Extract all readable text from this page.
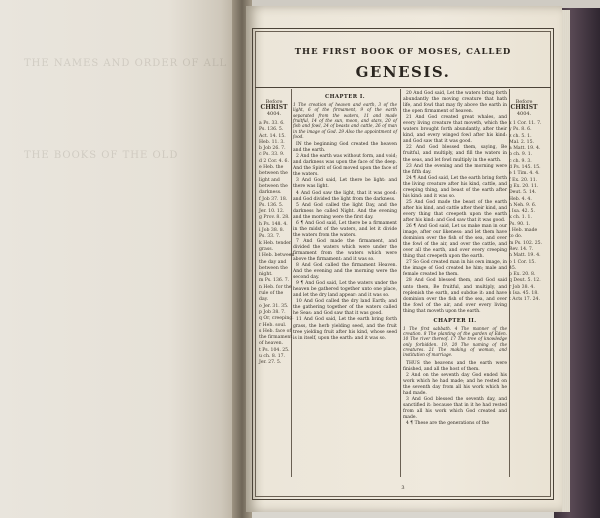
THE NAMES AND ORDER OF ALL
THE BOOKS OF THE OLD
THE FIRST BOOK OF MOSES, CALLED
GENESIS.
Before
CHRIST
4004.
a Ps. 33. 6.
Ps. 136. 5.
Act. 14. 15.
Heb. 11. 3.
b Job 26. 7.
c Ps. 33. 9.
d 2 Cor. 4. 6.
e Heb. the
between the
light and
between the
darkness.
f Job 37. 18.
Ps. 136. 5.
Jer. 10. 12.
g Prov. 8. 28.
h Ps. 148. 4.
i Job 38. 8.
Ps. 33. 7.
k Heb. tender
grass.
l Heb. between
the day and
between the
night.
m Ps. 136. 7.
n Heb. for the
rule of the
day.
o Jer. 31. 35.
p Job 38. 7.
q Or, creeping.
r Heb. soul.
s Heb. face of
the firmament
of heaven.
t Ps. 104. 25.
u ch. 8. 17.
Jer. 27. 5.
CHAPTER I.
1 The creation of heaven and earth, 3 of the light, 6 of the firmament, 9 of the earth separated from the waters, 11 and made fruitful, 14 of the sun, moon, and stars, 20 of fish and fowl, 24 of beasts and cattle, 26 of man in the image of God. 29 Also the appointment of food.
IN the beginning God created the heaven and the earth.
2 And the earth was without form, and void; and darkness was upon the face of the deep. And the Spirit of God moved upon the face of the waters.
3 And God said, Let there be light: and there was light.
4 And God saw the light, that it was good: and God divided the light from the darkness.
5 And God called the light Day, and the darkness he called Night. And the evening and the morning were the first day.
6 ¶ And God said, Let there be a firmament in the midst of the waters, and let it divide the waters from the waters.
7 And God made the firmament, and divided the waters which were under the firmament from the waters which were above the firmament: and it was so.
8 And God called the firmament Heaven. And the evening and the morning were the second day.
9 ¶ And God said, Let the waters under the heaven be gathered together unto one place, and let the dry land appear: and it was so.
10 And God called the dry land Earth; and the gathering together of the waters called he Seas: and God saw that it was good.
11 And God said, Let the earth bring forth grass, the herb yielding seed, and the fruit tree yielding fruit after his kind, whose seed is in itself, upon the earth: and it was so.
20 And God said, Let the waters bring forth abundantly the moving creature that hath life, and fowl that may fly above the earth in the open firmament of heaven.
21 And God created great whales, and every living creature that moveth, which the waters brought forth abundantly, after their kind, and every winged fowl after his kind: and God saw that it was good.
22 And God blessed them, saying, Be fruitful, and multiply, and fill the waters in the seas, and let fowl multiply in the earth.
23 And the evening and the morning were the fifth day.
24 ¶ And God said, Let the earth bring forth the living creature after his kind, cattle, and creeping thing, and beast of the earth after his kind: and it was so.
25 And God made the beast of the earth after his kind, and cattle after their kind, and every thing that creepeth upon the earth after his kind: and God saw that it was good.
26 ¶ And God said, Let us make man in our image, after our likeness: and let them have dominion over the fish of the sea, and over the fowl of the air, and over the cattle, and over all the earth, and over every creeping thing that creepeth upon the earth.
27 So God created man in his own image, in the image of God created he him; male and female created he them.
28 And God blessed them, and God said unto them, Be fruitful, and multiply, and replenish the earth, and subdue it: and have dominion over the fish of the sea, and over the fowl of the air, and over every living thing that moveth upon the earth.
CHAPTER II.
1 The first sabbath. 4 The manner of the creation. 8 The planting of the garden of Eden. 10 The river thereof. 17 The tree of knowledge only forbidden. 19, 20 The naming of the creatures. 21 The making of woman, and institution of marriage.
THUS the heavens and the earth were finished, and all the host of them.
2 And on the seventh day God ended his work which he had made; and he rested on the seventh day from all his work which he had made.
3 And God blessed the seventh day, and sanctified it: because that in it he had rested from all his work which God created and made.
4 ¶ These are the generations of the
Before
CHRIST
4004.
x 1 Cor. 11. 7.
y Ps. 8. 6.
z ch. 5. 1.
Mal. 2. 15.
a Matt. 19. 4.
b ch. 9. 1.
c ch. 9. 3.
d Ps. 145. 15.
e 1 Tim. 4. 4.
f Ex. 20. 11.
g Ex. 20. 11.
Deut. 5. 14.
Heb. 4. 4.
h Neh. 9. 6.
i Isa. 42. 5.
k ch. 1. 1.
Ps. 90. 1.
l Heb. made
to do.
m Ps. 102. 25.
Rev. 14. 7.
n Matt. 19. 4.
o 1 Cor. 15.
45.
p Ex. 20. 8.
q Deut. 5. 12.
r Job 38. 4.
s Isa. 45. 18.
t Acts 17. 24.
3
